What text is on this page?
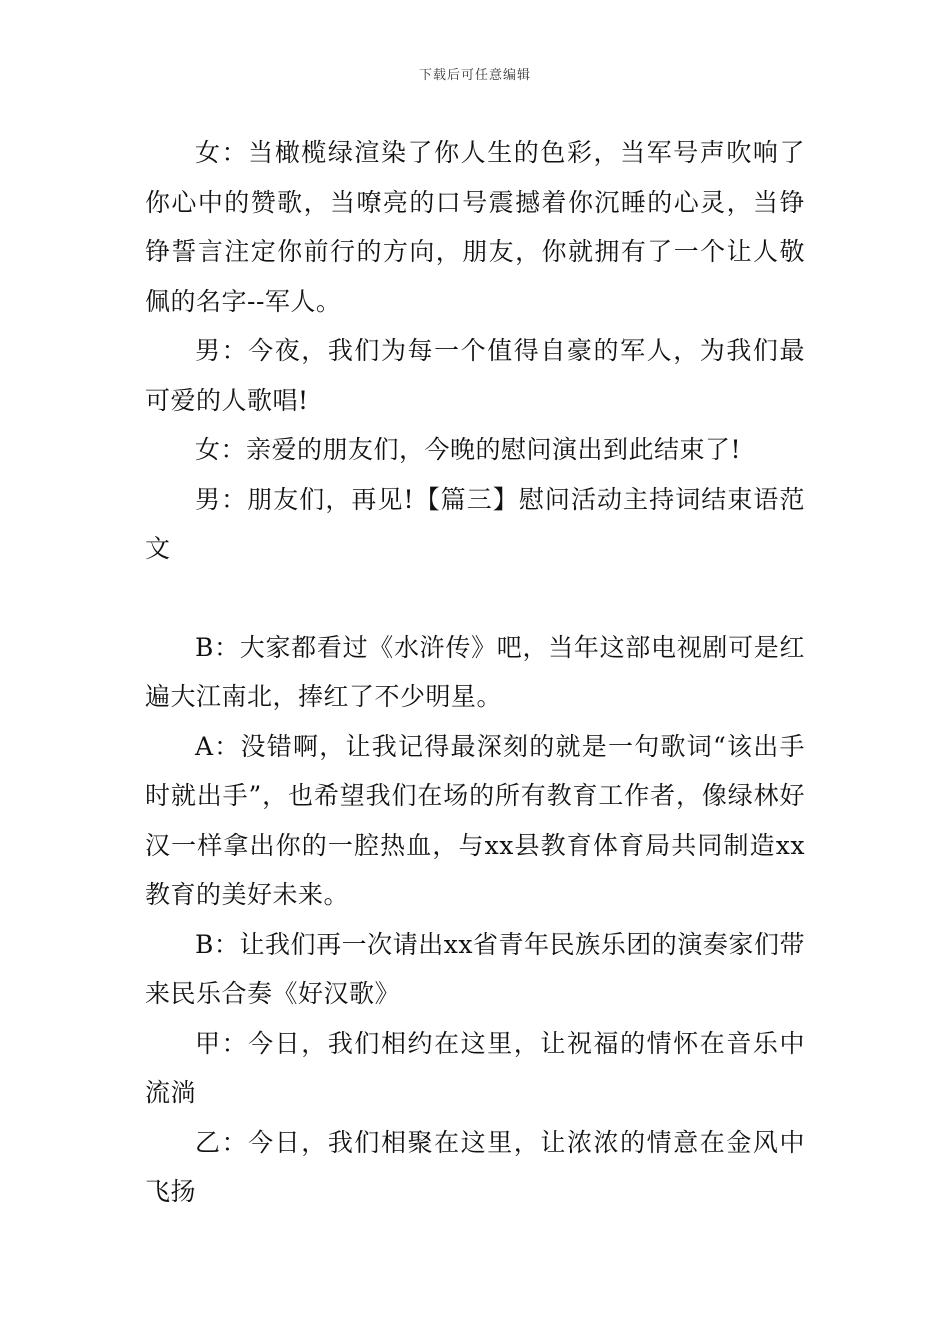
下载后可任意编辑

女：当橄榄绿渲染了你人生的色彩，当军号声吹响了你心中的赞歌，当嘹亮的口号震撼着你沉睡的心灵，当铮铮誓言注定你前行的方向，朋友，你就拥有了一个让人敬佩的名字--军人。

男：今夜，我们为每一个值得自豪的军人，为我们最可爱的人歌唱!

女：亲爱的朋友们，今晚的慰问演出到此结束了!

男：朋友们，再见!【篇三】慰问活动主持词结束语范文

B：大家都看过《水浒传》吧，当年这部电视剧可是红遍大江南北，捧红了不少明星。

A：没错啊，让我记得最深刻的就是一句歌词“该出手时就出手”，也希望我们在场的所有教育工作者，像绿林好汉一样拿出你的一腔热血，与xx县教育体育局共同制造xx教育的美好未来。

B：让我们再一次请出xx省青年民族乐团的演奏家们带来民乐合奏《好汉歌》

甲：今日，我们相约在这里，让祝福的情怀在音乐中流淌

乙：今日，我们相聚在这里，让浓浓的情意在金风中飞扬
